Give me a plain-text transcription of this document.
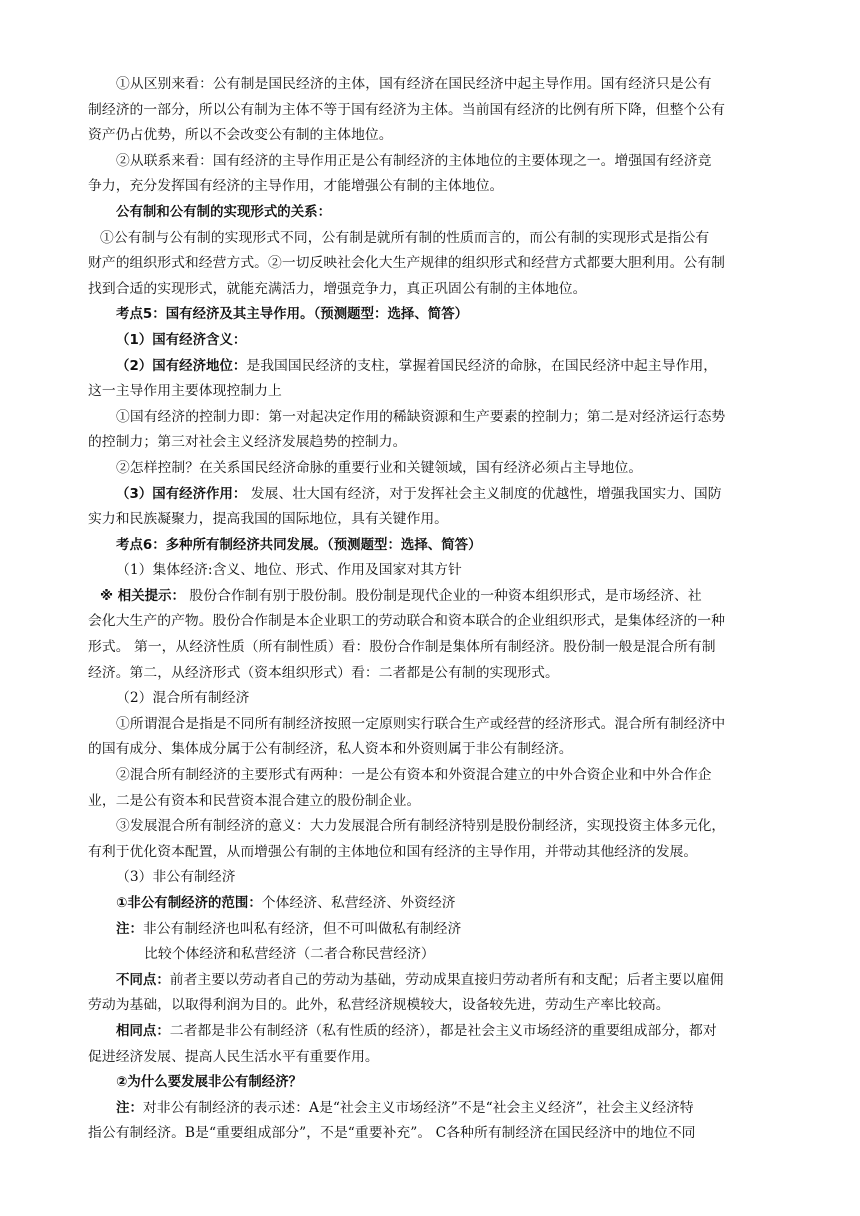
①从区别来看：公有制是国民经济的主体，国有经济在国民经济中起主导作用。国有经济只是公有
制经济的一部分，所以公有制为主体不等于国有经济为主体。当前国有经济的比例有所下降，但整个公有
资产仍占优势，所以不会改变公有制的主体地位。
②从联系来看：国有经济的主导作用正是公有制经济的主体地位的主要体现之一。增强国有经济竞
争力，充分发挥国有经济的主导作用，才能增强公有制的主体地位。
公有制和公有制的实现形式的关系：
①公有制与公有制的实现形式不同，公有制是就所有制的性质而言的，而公有制的实现形式是指公有
财产的组织形式和经营方式。②一切反映社会化大生产规律的组织形式和经营方式都要大胆利用。公有制
找到合适的实现形式，就能充满活力，增强竞争力，真正巩固公有制的主体地位。
考点5：国有经济及其主导作用。（预测题型：选择、简答）
（1）国有经济含义：
（2）国有经济地位：是我国国民经济的支柱，掌握着国民经济的命脉，在国民经济中起主导作用，
这一主导作用主要体现控制力上
①国有经济的控制力即：第一对起决定作用的稀缺资源和生产要素的控制力；第二是对经济运行态势
的控制力；第三对社会主义经济发展趋势的控制力。
②怎样控制？在关系国民经济命脉的重要行业和关键领域，国有经济必须占主导地位。
（3）国有经济作用： 发展、壮大国有经济，对于发挥社会主义制度的优越性，增强我国实力、国防
实力和民族凝聚力，提高我国的国际地位，具有关键作用。
考点6：多种所有制经济共同发展。（预测题型：选择、简答）
（1）集体经济:含义、地位、形式、作用及国家对其方针
※ 相关提示： 股份合作制有别于股份制。股份制是现代企业的一种资本组织形式，是市场经济、社
会化大生产的产物。股份合作制是本企业职工的劳动联合和资本联合的企业组织形式，是集体经济的一种
形式。 第一，从经济性质（所有制性质）看：股份合作制是集体所有制经济。股份制一般是混合所有制
经济。第二，从经济形式（资本组织形式）看：二者都是公有制的实现形式。
（2）混合所有制经济
①所谓混合是指是不同所有制经济按照一定原则实行联合生产或经营的经济形式。混合所有制经济中
的国有成分、集体成分属于公有制经济，私人资本和外资则属于非公有制经济。
②混合所有制经济的主要形式有两种：一是公有资本和外资混合建立的中外合资企业和中外合作企
业，二是公有资本和民营资本混合建立的股份制企业。
③发展混合所有制经济的意义：大力发展混合所有制经济特别是股份制经济，实现投资主体多元化，
有利于优化资本配置，从而增强公有制的主体地位和国有经济的主导作用，并带动其他经济的发展。
（3）非公有制经济
①非公有制经济的范围：个体经济、私营经济、外资经济
注：非公有制经济也叫私有经济，但不可叫做私有制经济
比较个体经济和私营经济（二者合称民营经济）
不同点：前者主要以劳动者自己的劳动为基础，劳动成果直接归劳动者所有和支配；后者主要以雇佣
劳动为基础，以取得利润为目的。此外，私营经济规模较大，设备较先进，劳动生产率比较高。
相同点：二者都是非公有制经济（私有性质的经济），都是社会主义市场经济的重要组成部分，都对
促进经济发展、提高人民生活水平有重要作用。
②为什么要发展非公有制经济？
注：对非公有制经济的表示述：A是“社会主义市场经济”不是“社会主义经济”，社会主义经济特
指公有制经济。B是“重要组成部分”，不是“重要补充”。 C各种所有制经济在国民经济中的地位不同
